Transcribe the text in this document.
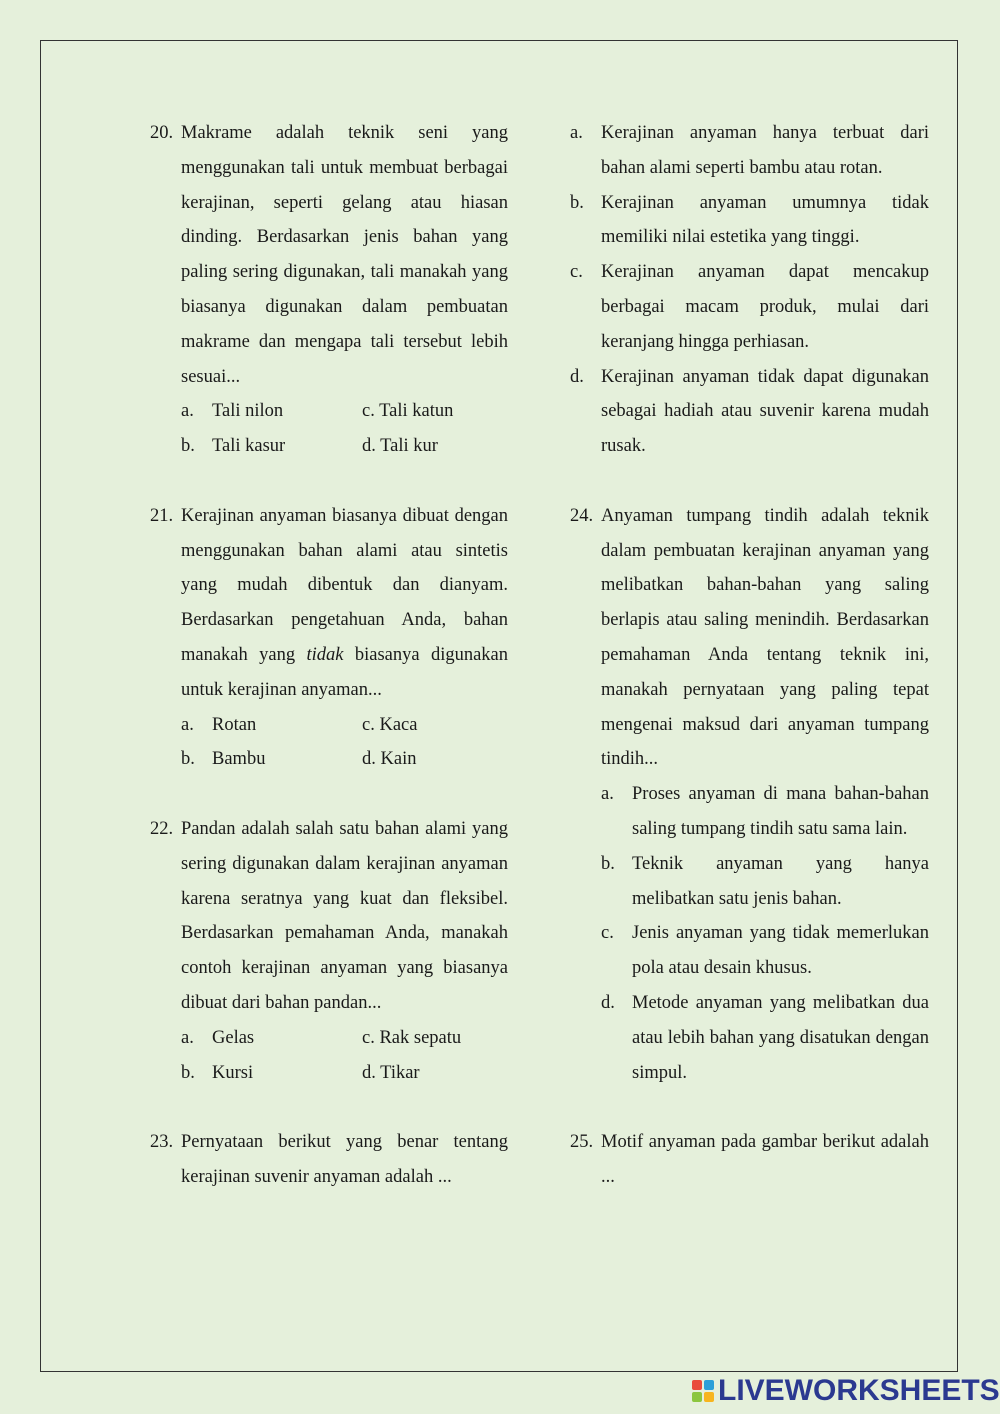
20. Makrame adalah teknik seni yang menggunakan tali untuk membuat berbagai kerajinan, seperti gelang atau hiasan dinding. Berdasarkan jenis bahan yang paling sering digunakan, tali manakah yang biasanya digunakan dalam pembuatan makrame dan mengapa tali tersebut lebih sesuai...
a. Tali nilon	c. Tali katun
b. Tali kasur	d. Tali kur
21. Kerajinan anyaman biasanya dibuat dengan menggunakan bahan alami atau sintetis yang mudah dibentuk dan dianyam. Berdasarkan pengetahuan Anda, bahan manakah yang tidak biasanya digunakan untuk kerajinan anyaman...
a. Rotan	c. Kaca
b. Bambu	d. Kain
22. Pandan adalah salah satu bahan alami yang sering digunakan dalam kerajinan anyaman karena seratnya yang kuat dan fleksibel. Berdasarkan pemahaman Anda, manakah contoh kerajinan anyaman yang biasanya dibuat dari bahan pandan...
a. Gelas	c. Rak sepatu
b. Kursi	d. Tikar
23. Pernyataan berikut yang benar tentang kerajinan suvenir anyaman adalah ...
a. Kerajinan anyaman hanya terbuat dari bahan alami seperti bambu atau rotan.
b. Kerajinan anyaman umumnya tidak memiliki nilai estetika yang tinggi.
c. Kerajinan anyaman dapat mencakup berbagai macam produk, mulai dari keranjang hingga perhiasan.
d. Kerajinan anyaman tidak dapat digunakan sebagai hadiah atau suvenir karena mudah rusak.
24. Anyaman tumpang tindih adalah teknik dalam pembuatan kerajinan anyaman yang melibatkan bahan-bahan yang saling berlapis atau saling menindih. Berdasarkan pemahaman Anda tentang teknik ini, manakah pernyataan yang paling tepat mengenai maksud dari anyaman tumpang tindih...
a. Proses anyaman di mana bahan-bahan saling tumpang tindih satu sama lain.
b. Teknik anyaman yang hanya melibatkan satu jenis bahan.
c. Jenis anyaman yang tidak memerlukan pola atau desain khusus.
d. Metode anyaman yang melibatkan dua atau lebih bahan yang disatukan dengan simpul.
25. Motif anyaman pada gambar berikut adalah ...
LIVEWORKSHEETS
